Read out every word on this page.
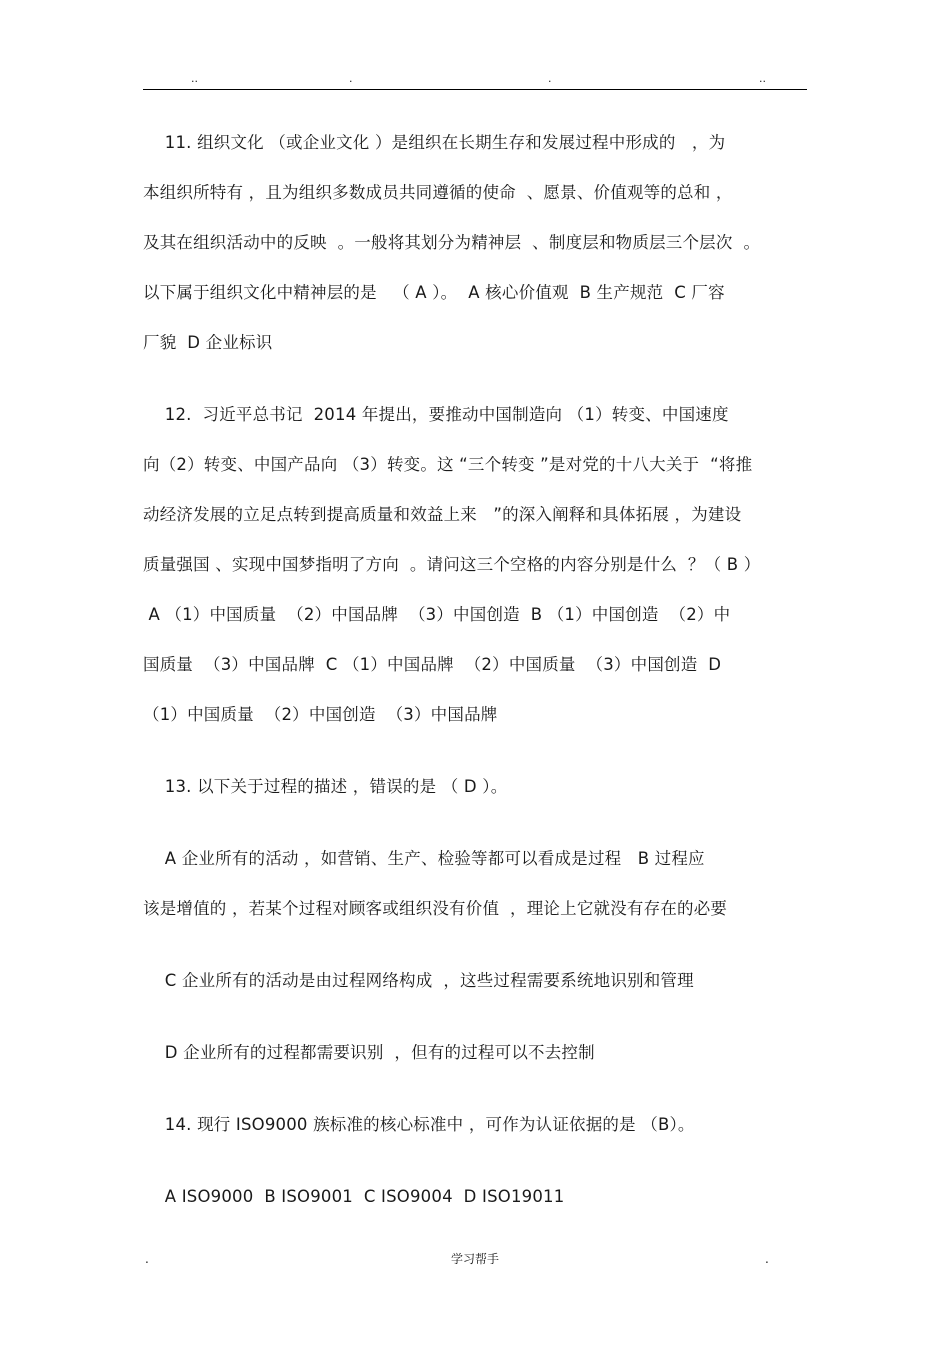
..	.	.	..
11. 组织文化 （或企业文化 ）是组织在长期生存和发展过程中形成的   ，为
本组织所特有 ，且为组织多数成员共同遵循的使命  、愿景、价值观等的总和 ，
及其在组织活动中的反映  。一般将其划分为精神层  、制度层和物质层三个层次  。
以下属于组织文化中精神层的是   （ A ）。  A 核心价值观  B 生产规范  C 厂容
厂貌  D 企业标识
12.  习近平总书记  2014 年提出，要推动中国制造向 （1）转变、中国速度
向（2）转变、中国产品向 （3）转变。这 “三个转变 ”是对党的十八大关于  “将推
动经济发展的立足点转到提高质量和效益上来   ”的深入阐释和具体拓展 ，为建设
质量强国 、实现中国梦指明了方向  。请问这三个空格的内容分别是什么  ？（ B ）
A （1）中国质量  （2）中国品牌  （3）中国创造  B （1）中国创造  （2）中
国质量  （3）中国品牌  C （1）中国品牌  （2）中国质量  （3）中国创造  D
（1）中国质量  （2）中国创造  （3）中国品牌
13. 以下关于过程的描述 ，错误的是 （ D ）。
A 企业所有的活动 ，如营销、生产、检验等都可以看成是过程   B 过程应
该是增值的 ，若某个过程对顾客或组织没有价值  ，理论上它就没有存在的必要
C 企业所有的活动是由过程网络构成  ，这些过程需要系统地识别和管理
D 企业所有的过程都需要识别  ，但有的过程可以不去控制
14. 现行 ISO9000 族标准的核心标准中 ，可作为认证依据的是 （B）。
A ISO9000  B ISO9001  C ISO9004  D ISO19011
.	学习帮手	.
